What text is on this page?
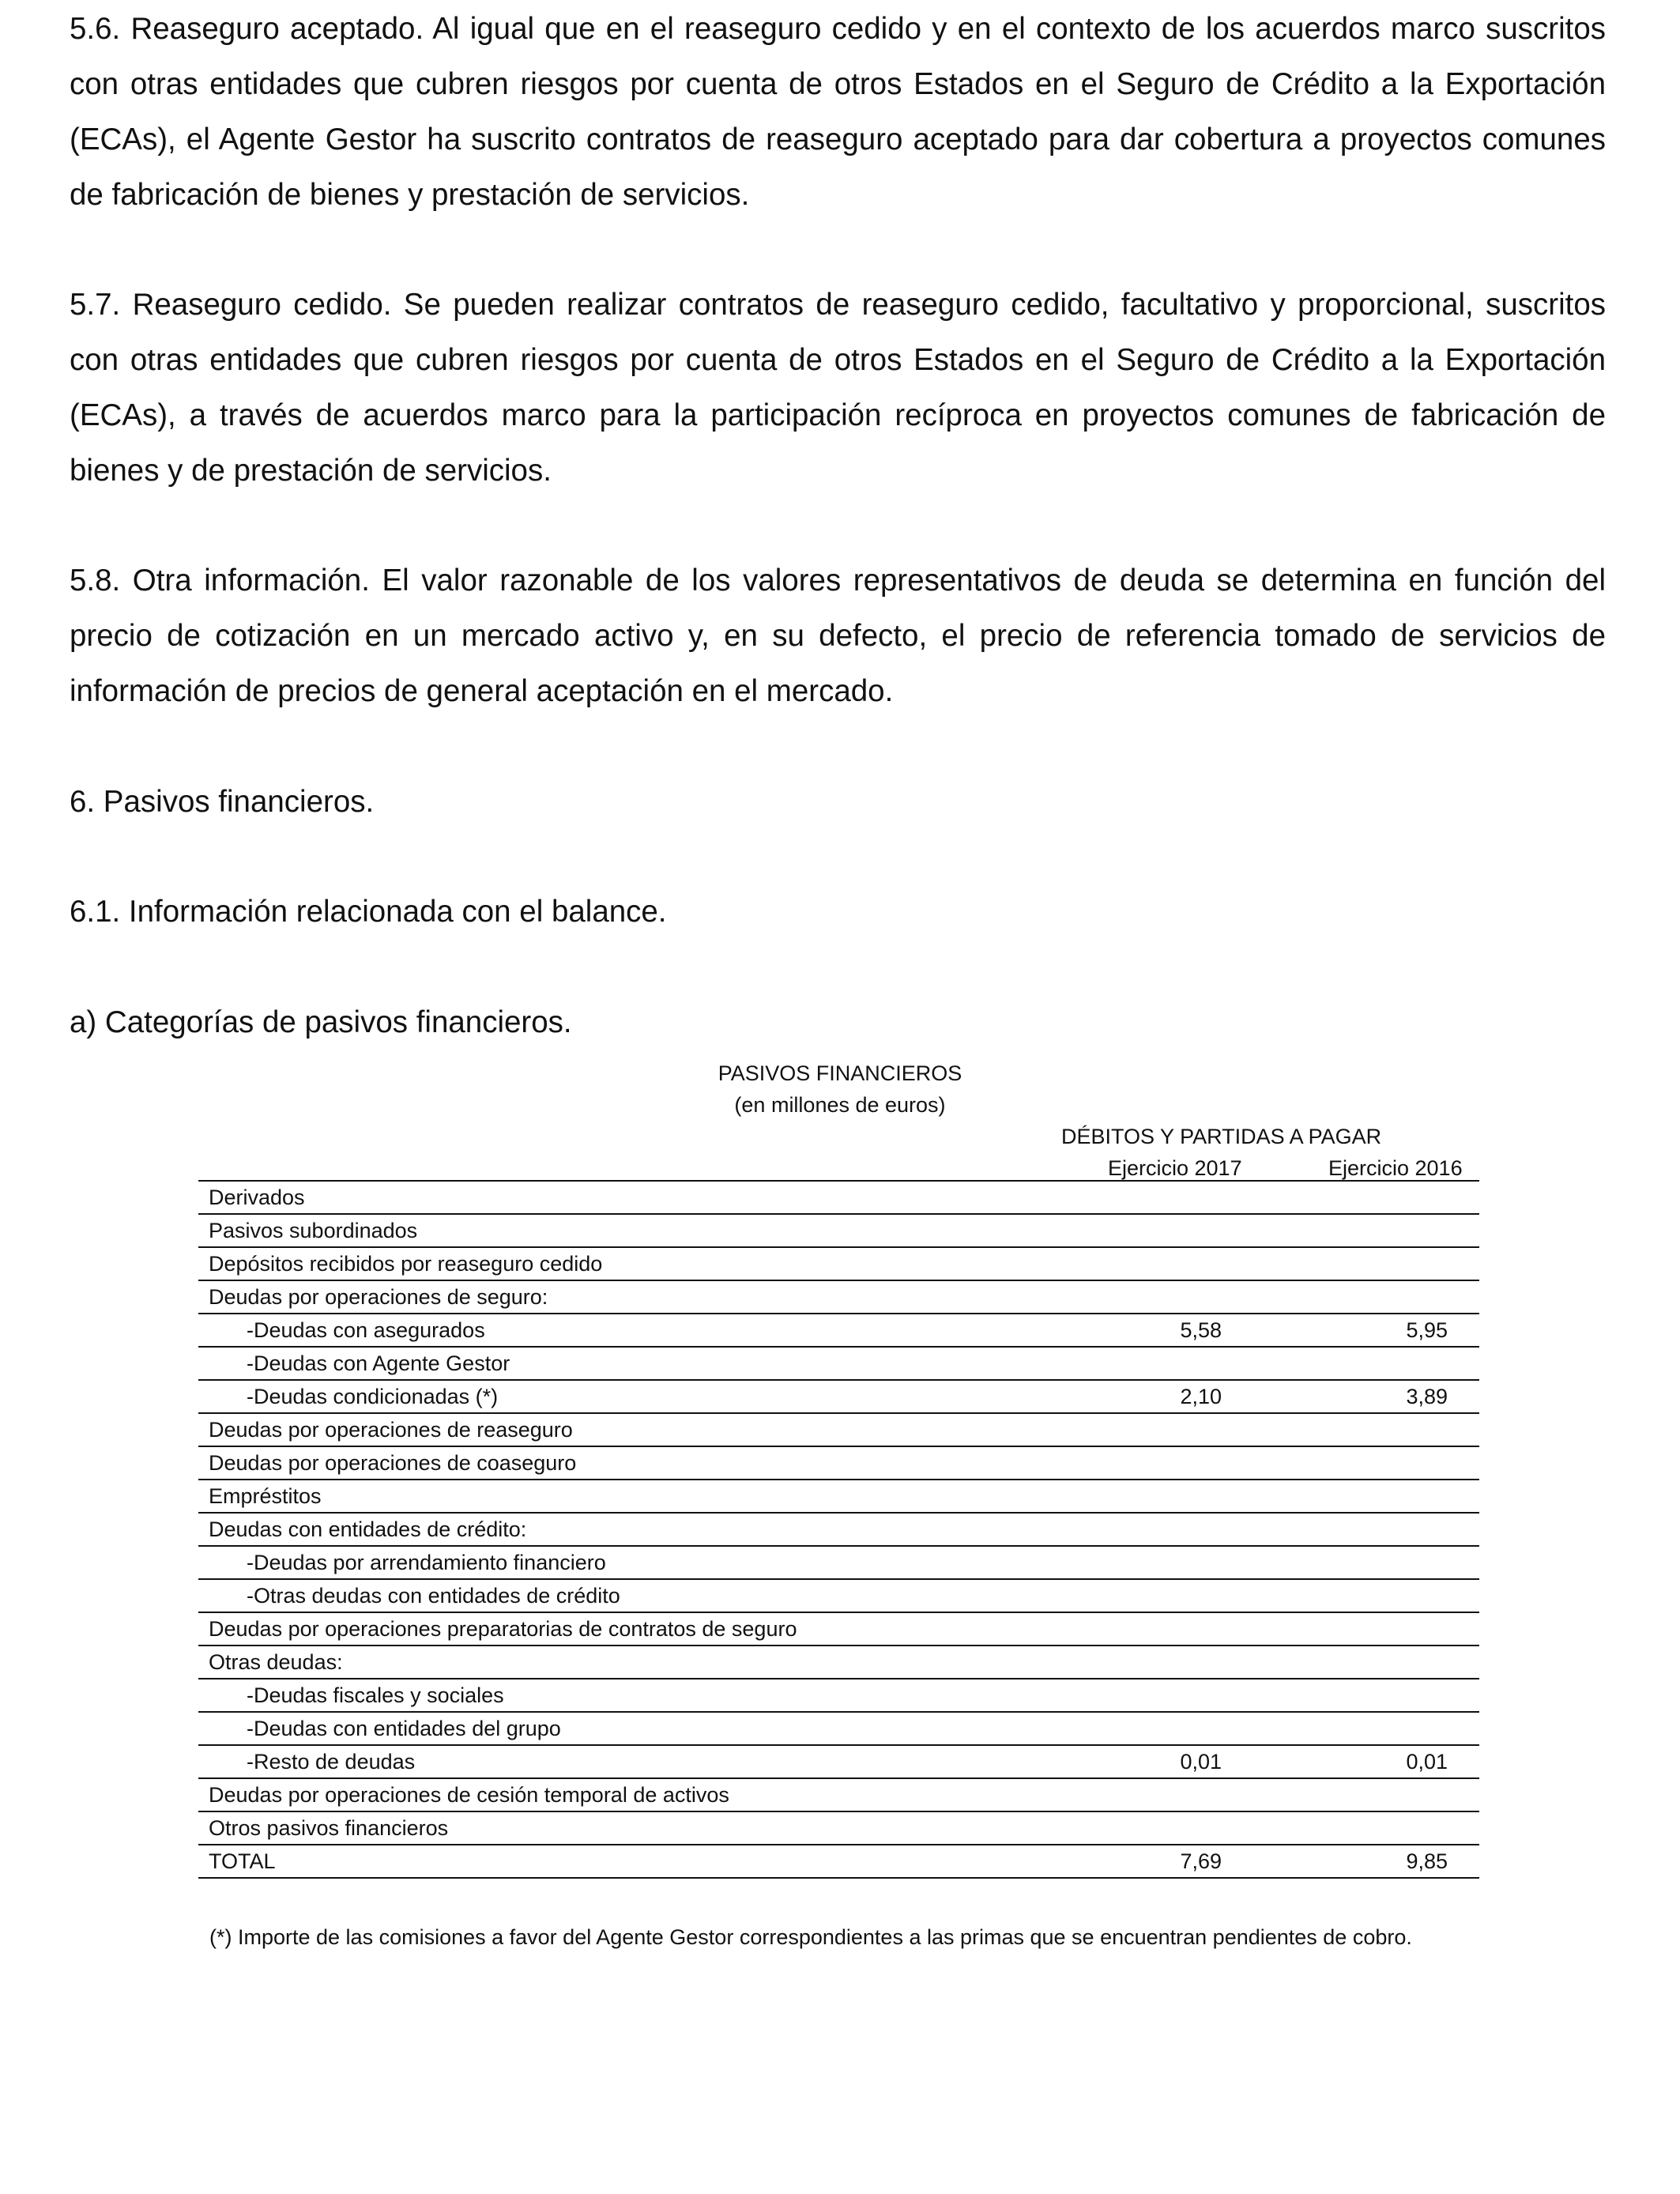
5.6. Reaseguro aceptado. Al igual que en el reaseguro cedido y en el contexto de los acuerdos marco suscritos con otras entidades que cubren riesgos por cuenta de otros Estados en el Seguro de Crédito a la Exportación (ECAs), el Agente Gestor ha suscrito contratos de reaseguro aceptado para dar cobertura a proyectos comunes de fabricación de bienes y prestación de servicios.

5.7. Reaseguro cedido. Se pueden realizar contratos de reaseguro cedido, facultativo y proporcional, suscritos con otras entidades que cubren riesgos por cuenta de otros Estados en el Seguro de Crédito a la Exportación (ECAs), a través de acuerdos marco para la participación recíproca en proyectos comunes de fabricación de bienes y de prestación de servicios.

5.8. Otra información. El valor razonable de los valores representativos de deuda se determina en función del precio de cotización en un mercado activo y, en su defecto, el precio de referencia tomado de servicios de información de precios de general aceptación en el mercado.

6. Pasivos financieros.

6.1. Información relacionada con el balance.

a) Categorías de pasivos financieros.

PASIVOS FINANCIEROS
(en millones de euros)
DÉBITOS Y PARTIDAS A PAGAR
Ejercicio 2017	Ejercicio 2016
Derivados
Pasivos subordinados
Depósitos recibidos por reaseguro cedido
Deudas por operaciones de seguro:
-Deudas con asegurados	5,58	5,95
-Deudas con Agente Gestor
-Deudas condicionadas (*)	2,10	3,89
Deudas por operaciones de reaseguro
Deudas por operaciones de coaseguro
Empréstitos
Deudas con entidades de crédito:
-Deudas por arrendamiento financiero
-Otras deudas con entidades de crédito
Deudas por operaciones preparatorias de contratos de seguro
Otras deudas:
-Deudas fiscales y sociales
-Deudas con entidades del grupo
-Resto de deudas	0,01	0,01
Deudas por operaciones de cesión temporal de activos
Otros pasivos financieros
TOTAL	7,69	9,85
(*) Importe de las comisiones a favor del Agente Gestor correspondientes a las primas que se encuentran pendientes de cobro.
